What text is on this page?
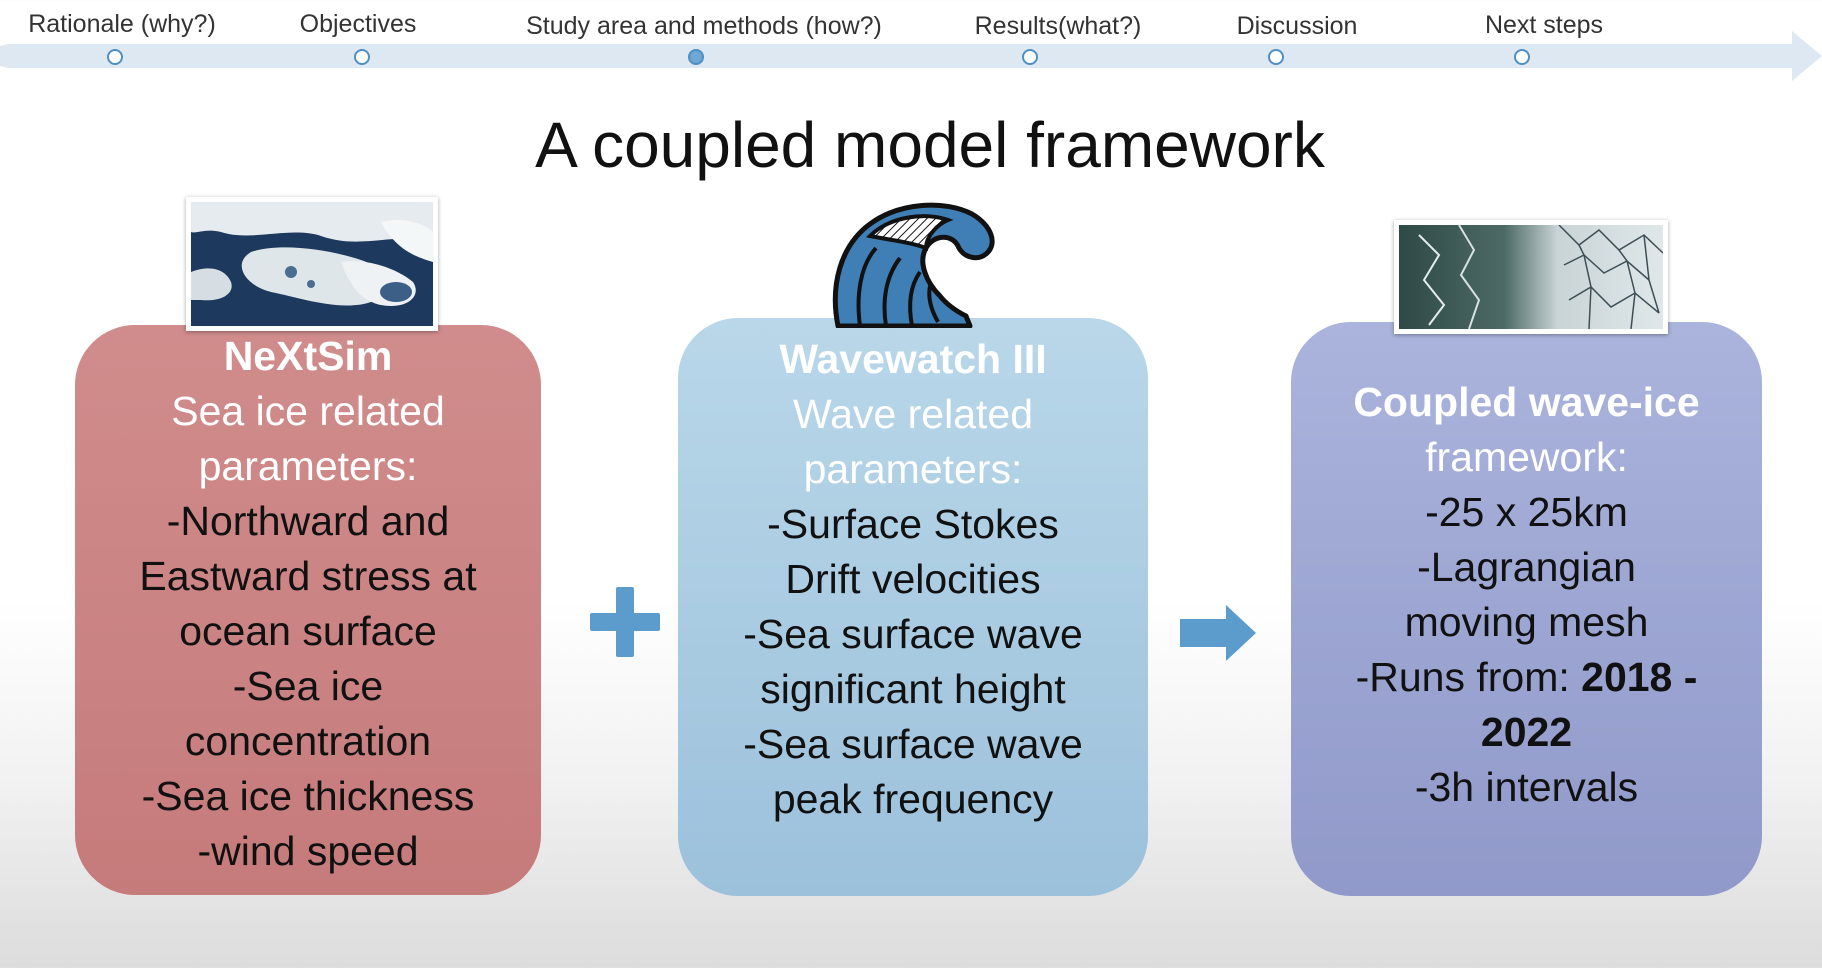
Rationale (why?)	Objectives	Study area and methods (how?)	Results(what?)	Discussion	Next steps
A coupled model framework
NeXtSim
Sea ice related
parameters:
-Northward and
Eastward stress at
ocean surface
-Sea ice
concentration
-Sea ice thickness
-wind speed
Wavewatch III
Wave related
parameters:
-Surface Stokes
Drift velocities
-Sea surface wave
significant height
-Sea surface wave
peak frequency
Coupled wave-ice
framework:
-25 x 25km
-Lagrangian
moving mesh
-Runs from: 2018 -
2022
-3h intervals
